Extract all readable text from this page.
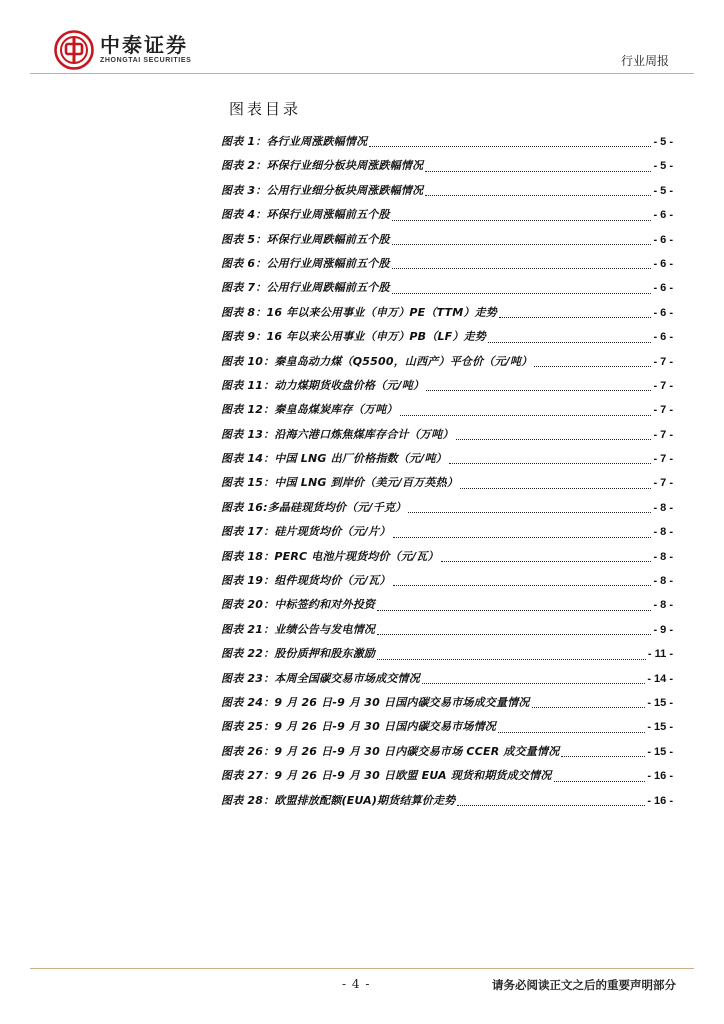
中泰证券
ZHONGTAI SECURITIES	行业周报
图表目录
图表 1：各行业周涨跌幅情况	- 5 -
图表 2：环保行业细分板块周涨跌幅情况	- 5 -
图表 3：公用行业细分板块周涨跌幅情况	- 5 -
图表 4：环保行业周涨幅前五个股	- 6 -
图表 5：环保行业周跌幅前五个股	- 6 -
图表 6：公用行业周涨幅前五个股	- 6 -
图表 7：公用行业周跌幅前五个股	- 6 -
图表 8：16 年以来公用事业（申万）PE（TTM）走势	- 6 -
图表 9：16 年以来公用事业（申万）PB（LF）走势	- 6 -
图表 10：秦皇岛动力煤（Q5500，山西产）平仓价（元/吨）	- 7 -
图表 11：动力煤期货收盘价格（元/吨）	- 7 -
图表 12：秦皇岛煤炭库存（万吨）	- 7 -
图表 13：沿海六港口炼焦煤库存合计（万吨）	- 7 -
图表 14：中国 LNG 出厂价格指数（元/吨）	- 7 -
图表 15：中国 LNG 到岸价（美元/百万英热）	- 7 -
图表 16:多晶硅现货均价（元/千克）	- 8 -
图表 17：硅片现货均价（元/片）	- 8 -
图表 18：PERC 电池片现货均价（元/瓦）	- 8 -
图表 19：组件现货均价（元/瓦）	- 8 -
图表 20：中标签约和对外投资	- 8 -
图表 21：业绩公告与发电情况	- 9 -
图表 22：股份质押和股东激励	- 11 -
图表 23：本周全国碳交易市场成交情况	- 14 -
图表 24：9 月 26 日-9 月 30 日国内碳交易市场成交量情况	- 15 -
图表 25：9 月 26 日-9 月 30 日国内碳交易市场情况	- 15 -
图表 26：9 月 26 日-9 月 30 日内碳交易市场 CCER 成交量情况	- 15 -
图表 27：9 月 26 日-9 月 30 日欧盟 EUA 现货和期货成交情况	- 16 -
图表 28：欧盟排放配额(EUA)期货结算价走势	- 16 -
- 4 -	请务必阅读正文之后的重要声明部分
